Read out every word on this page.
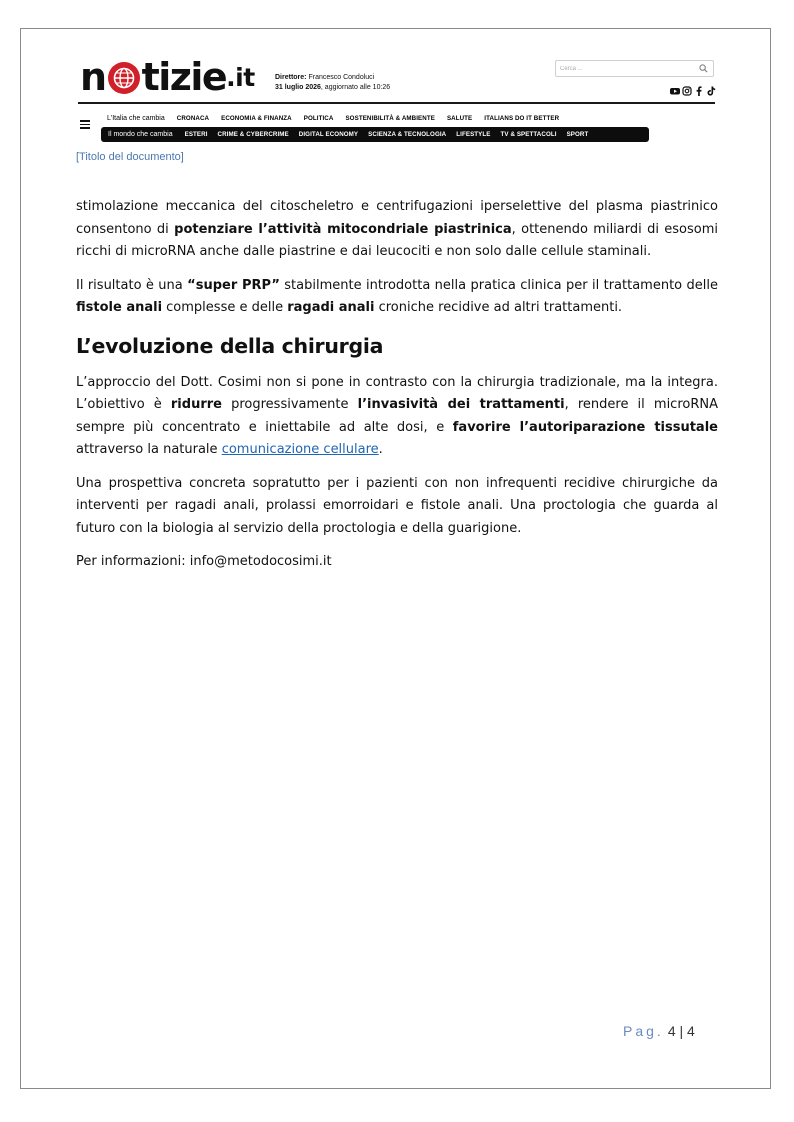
n tizie .it	Direttore: Francesco Condoluci
31 luglio 2026, aggiornato alle 10:26
Cerca ...
L'Italia che cambia CRONACA ECONOMIA & FINANZA POLITICA SOSTENIBILITÀ & AMBIENTE SALUTE ITALIANS DO IT BETTER
Il mondo che cambia ESTERI CRIME & CYBERCRIME DIGITAL ECONOMY SCIENZA & TECNOLOGIA LIFESTYLE TV & SPETTACOLI SPORT
[Titolo del documento]

stimolazione meccanica del citoscheletro e centrifugazioni iperselettive del plasma piastrinico consentono di potenziare l’attività mitocondriale piastrinica, ottenendo miliardi di esosomi ricchi di microRNA anche dalle piastrine e dai leucociti e non solo dalle cellule staminali.

Il risultato è una “super PRP” stabilmente introdotta nella pratica clinica per il trattamento delle fistole anali complesse e delle ragadi anali croniche recidive ad altri trattamenti.

L’evoluzione della chirurgia

L’approccio del Dott. Cosimi non si pone in contrasto con la chirurgia tradizionale, ma la integra. L’obiettivo è ridurre progressivamente l’invasività dei trattamenti, rendere il microRNA sempre più concentrato e iniettabile ad alte dosi, e favorire l’autoriparazione tissutale attraverso la naturale comunicazione cellulare.

Una prospettiva concreta sopratutto per i pazienti con non infrequenti recidive chirurgiche da interventi per ragadi anali, prolassi emorroidari e fistole anali. Una proctologia che guarda al futuro con la biologia al servizio della proctologia e della guarigione.

Per informazioni: info@metodocosimi.it

Pag. 4 | 4
